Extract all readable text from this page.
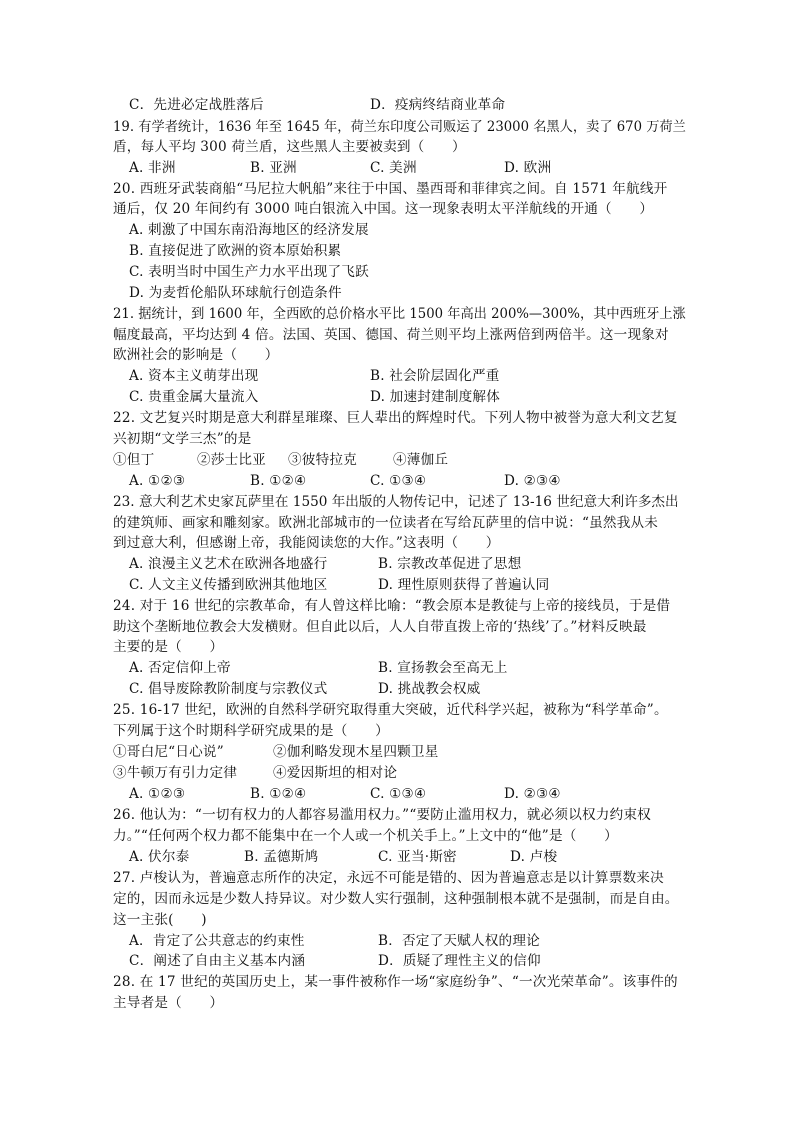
C．先进必定战胜落后	D．疫病终结商业革命
19. 有学者统计，1636 年至 1645 年，荷兰东印度公司贩运了 23000 名黑人，卖了 670 万荷兰
盾，每人平均 300 荷兰盾，这些黑人主要被卖到（　　）
A. 非洲	B. 亚洲	C. 美洲	D. 欧洲
20. 西班牙武装商船“马尼拉大帆船”来往于中国、墨西哥和菲律宾之间。自 1571 年航线开
通后，仅 20 年间约有 3000 吨白银流入中国。这一现象表明太平洋航线的开通（　　）
A. 刺激了中国东南沿海地区的经济发展
B. 直接促进了欧洲的资本原始积累
C. 表明当时中国生产力水平出现了飞跃
D. 为麦哲伦船队环球航行创造条件
21. 据统计，到 1600 年，全西欧的总价格水平比 1500 年高出 200%—300%，其中西班牙上涨
幅度最高，平均达到 4 倍。法国、英国、德国、荷兰则平均上涨两倍到两倍半。这一现象对
欧洲社会的影响是（　　）
A. 资本主义萌芽出现	B. 社会阶层固化严重
C. 贵重金属大量流入	D. 加速封建制度解体
22. 文艺复兴时期是意大利群星璀璨、巨人辈出的辉煌时代。下列人物中被誉为意大利文艺复
兴初期“文学三杰”的是
①但丁	②莎士比亚 ③彼特拉克	④薄伽丘
A. ①②③	B. ①②④	C. ①③④	D. ②③④
23. 意大利艺术史家瓦萨里在 1550 年出版的人物传记中，记述了 13-16 世纪意大利许多杰出
的建筑师、画家和雕刻家。欧洲北部城市的一位读者在写给瓦萨里的信中说：“虽然我从未
到过意大利，但感谢上帝，我能阅读您的大作。”这表明（　　）
A. 浪漫主义艺术在欧洲各地盛行	B. 宗教改革促进了思想
C. 人文主义传播到欧洲其他地区	D. 理性原则获得了普遍认同
24. 对于 16 世纪的宗教革命，有人曾这样比喻：“教会原本是教徒与上帝的接线员，于是借
助这个垄断地位教会大发横财。但自此以后，人人自带直拨上帝的‘热线’了。”材料反映最
主要的是（　　）
A. 否定信仰上帝	B. 宣扬教会至高无上
C. 倡导废除教阶制度与宗教仪式	D. 挑战教会权威
25. 16-17 世纪，欧洲的自然科学研究取得重大突破，近代科学兴起，被称为“科学革命”。
下列属于这个时期科学研究成果的是（　　）
①哥白尼“日心说”	②伽利略发现木星四颗卫星
③牛顿万有引力定律	④爱因斯坦的相对论
A. ①②③	B. ①②④	C. ①③④	D. ②③④
26. 他认为：“一切有权力的人都容易滥用权力。”“要防止滥用权力，就必须以权力约束权
力。”“任何两个权力都不能集中在一个人或一个机关手上。”上文中的“他”是（　　）
A. 伏尔泰	B. 孟德斯鸠	C. 亚当·斯密	D. 卢梭
27. 卢梭认为，普遍意志所作的决定，永远不可能是错的、因为普遍意志是以计算票数来决
定的，因而永远是少数人持异议。对少数人实行强制，这种强制根本就不是强制，而是自由。
这一主张(　　)
A．肯定了公共意志的约束性	B．否定了天赋人权的理论
C．阐述了自由主义基本内涵	D．质疑了理性主义的信仰
28. 在 17 世纪的英国历史上，某一事件被称作一场“家庭纷争”、“一次光荣革命”。该事件的
主导者是（　　）
